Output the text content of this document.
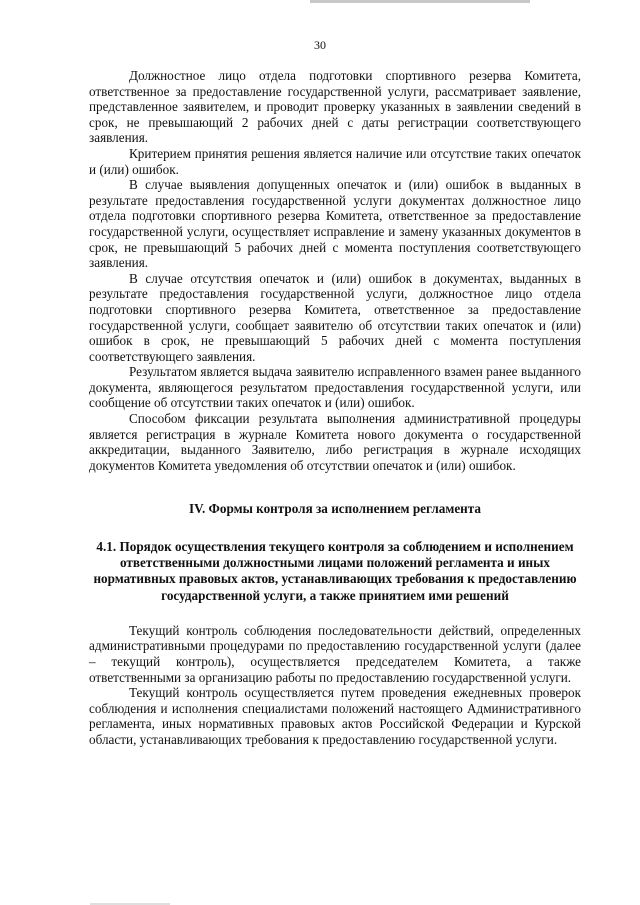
30

Должностное лицо отдела подготовки спортивного резерва Комитета, ответственное за предоставление государственной услуги, рассматривает заявление, представленное заявителем, и проводит проверку указанных в заявлении сведений в срок, не превышающий 2 рабочих дней с даты регистрации соответствующего заявления.

Критерием принятия решения является наличие или отсутствие таких опечаток и (или) ошибок.

В случае выявления допущенных опечаток и (или) ошибок в выданных в результате предоставления государственной услуги документах должностное лицо отдела подготовки спортивного резерва Комитета, ответственное за предоставление государственной услуги, осуществляет исправление и замену указанных документов в срок, не превышающий 5 рабочих дней с момента поступления соответствующего заявления.

В случае отсутствия опечаток и (или) ошибок в документах, выданных в результате предоставления государственной услуги, должностное лицо отдела подготовки спортивного резерва Комитета, ответственное за предоставление государственной услуги, сообщает заявителю об отсутствии таких опечаток и (или) ошибок в срок, не превышающий 5 рабочих дней с момента поступления соответствующего заявления.

Результатом является выдача заявителю исправленного взамен ранее выданного документа, являющегося результатом предоставления государственной услуги, или сообщение об отсутствии таких опечаток и (или) ошибок.

Способом фиксации результата выполнения административной процедуры является регистрация в журнале Комитета нового документа о государственной аккредитации, выданного Заявителю, либо регистрация в журнале исходящих документов Комитета уведомления об отсутствии опечаток и (или) ошибок.

IV. Формы контроля за исполнением регламента
4.1. Порядок осуществления текущего контроля за соблюдением и исполнением ответственными должностными лицами положений регламента и иных нормативных правовых актов, устанавливающих требования к предоставлению государственной услуги, а также принятием ими решений

Текущий контроль соблюдения последовательности действий, определенных административными процедурами по предоставлению государственной услуги (далее – текущий контроль), осуществляется председателем Комитета, а также ответственными за организацию работы по предоставлению государственной услуги.

Текущий контроль осуществляется путем проведения ежедневных проверок соблюдения и исполнения специалистами положений настоящего Административного регламента, иных нормативных правовых актов Российской Федерации и Курской области, устанавливающих требования к предоставлению государственной услуги.
